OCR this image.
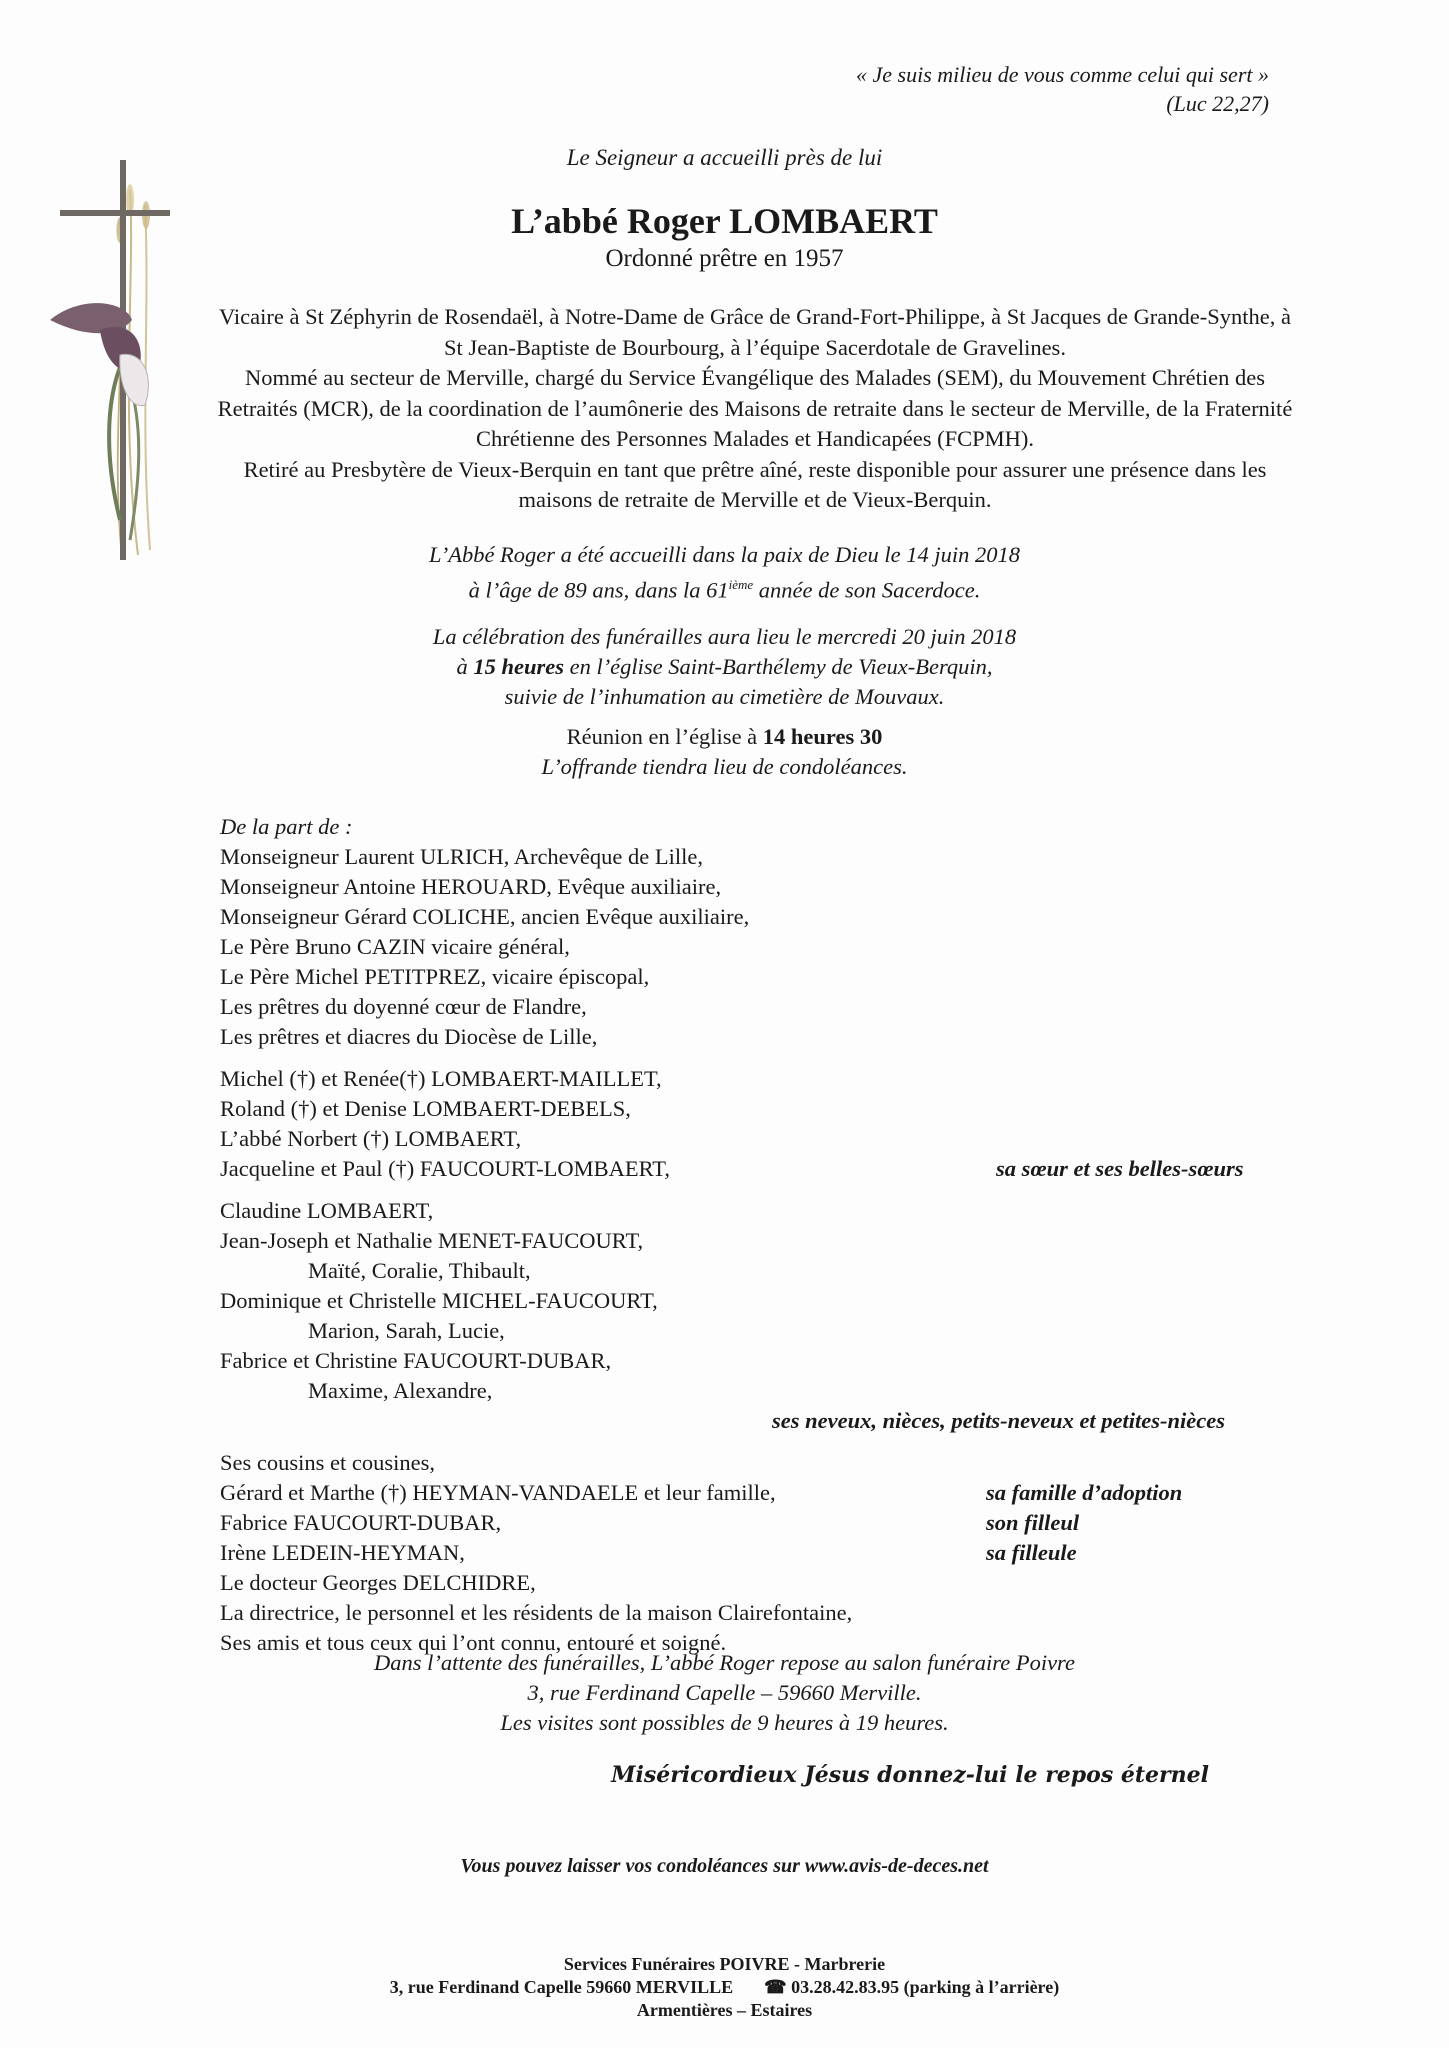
« Je suis milieu de vous comme celui qui sert »
(Luc 22,27)
Le Seigneur a accueilli près de lui
L’abbé Roger LOMBAERT
Ordonné prêtre en 1957
Vicaire à St Zéphyrin de Rosendaël, à Notre-Dame de Grâce de Grand-Fort-Philippe, à St Jacques de Grande-Synthe, à
St Jean-Baptiste de Bourbourg, à l’équipe Sacerdotale de Gravelines.
Nommé au secteur de Merville, chargé du Service Évangélique des Malades (SEM), du Mouvement Chrétien des
Retraités (MCR), de la coordination de l’aumônerie des Maisons de retraite dans le secteur de Merville, de la Fraternité
Chrétienne des Personnes Malades et Handicapées (FCPMH).
Retiré au Presbytère de Vieux-Berquin en tant que prêtre aîné, reste disponible pour assurer une présence dans les
maisons de retraite de Merville et de Vieux-Berquin.
L’Abbé Roger a été accueilli dans la paix de Dieu le 14 juin 2018
à l’âge de 89 ans, dans la 61ième année de son Sacerdoce.
La célébration des funérailles aura lieu le mercredi 20 juin 2018
à 15 heures en l’église Saint-Barthélemy de Vieux-Berquin,
suivie de l’inhumation au cimetière de Mouvaux.
Réunion en l’église à 14 heures 30
L’offrande tiendra lieu de condoléances.
De la part de :
Monseigneur Laurent ULRICH, Archevêque de Lille,
Monseigneur Antoine HEROUARD, Evêque auxiliaire,
Monseigneur Gérard COLICHE, ancien Evêque auxiliaire,
Le Père Bruno CAZIN vicaire général,
Le Père Michel PETITPREZ, vicaire épiscopal,
Les prêtres du doyenné cœur de Flandre,
Les prêtres et diacres du Diocèse de Lille,
Michel (†) et Renée(†) LOMBAERT-MAILLET,
Roland (†) et Denise LOMBAERT-DEBELS,
L’abbé Norbert (†) LOMBAERT,
Jacqueline et Paul (†) FAUCOURT-LOMBAERT,	sa sœur et ses belles-sœurs
Claudine LOMBAERT,
Jean-Joseph et Nathalie MENET-FAUCOURT,
Maïté, Coralie, Thibault,
Dominique et Christelle MICHEL-FAUCOURT,
Marion, Sarah, Lucie,
Fabrice et Christine FAUCOURT-DUBAR,
Maxime, Alexandre,
ses neveux, nièces, petits-neveux et petites-nièces
Ses cousins et cousines,
Gérard et Marthe (†) HEYMAN-VANDAELE et leur famille,	sa famille d’adoption
Fabrice FAUCOURT-DUBAR,	son filleul
Irène LEDEIN-HEYMAN,	sa filleule
Le docteur Georges DELCHIDRE,
La directrice, le personnel et les résidents de la maison Clairefontaine,
Ses amis et tous ceux qui l’ont connu, entouré et soigné.
Dans l’attente des funérailles, L’abbé Roger repose au salon funéraire Poivre
3, rue Ferdinand Capelle – 59660 Merville.
Les visites sont possibles de 9 heures à 19 heures.
Miséricordieux Jésus donnez-lui le repos éternel
Vous pouvez laisser vos condoléances sur www.avis-de-deces.net
Services Funéraires POIVRE - Marbrerie
3, rue Ferdinand Capelle 59660 MERVILLE ☎ 03.28.42.83.95 (parking à l’arrière)
Armentières – Estaires
